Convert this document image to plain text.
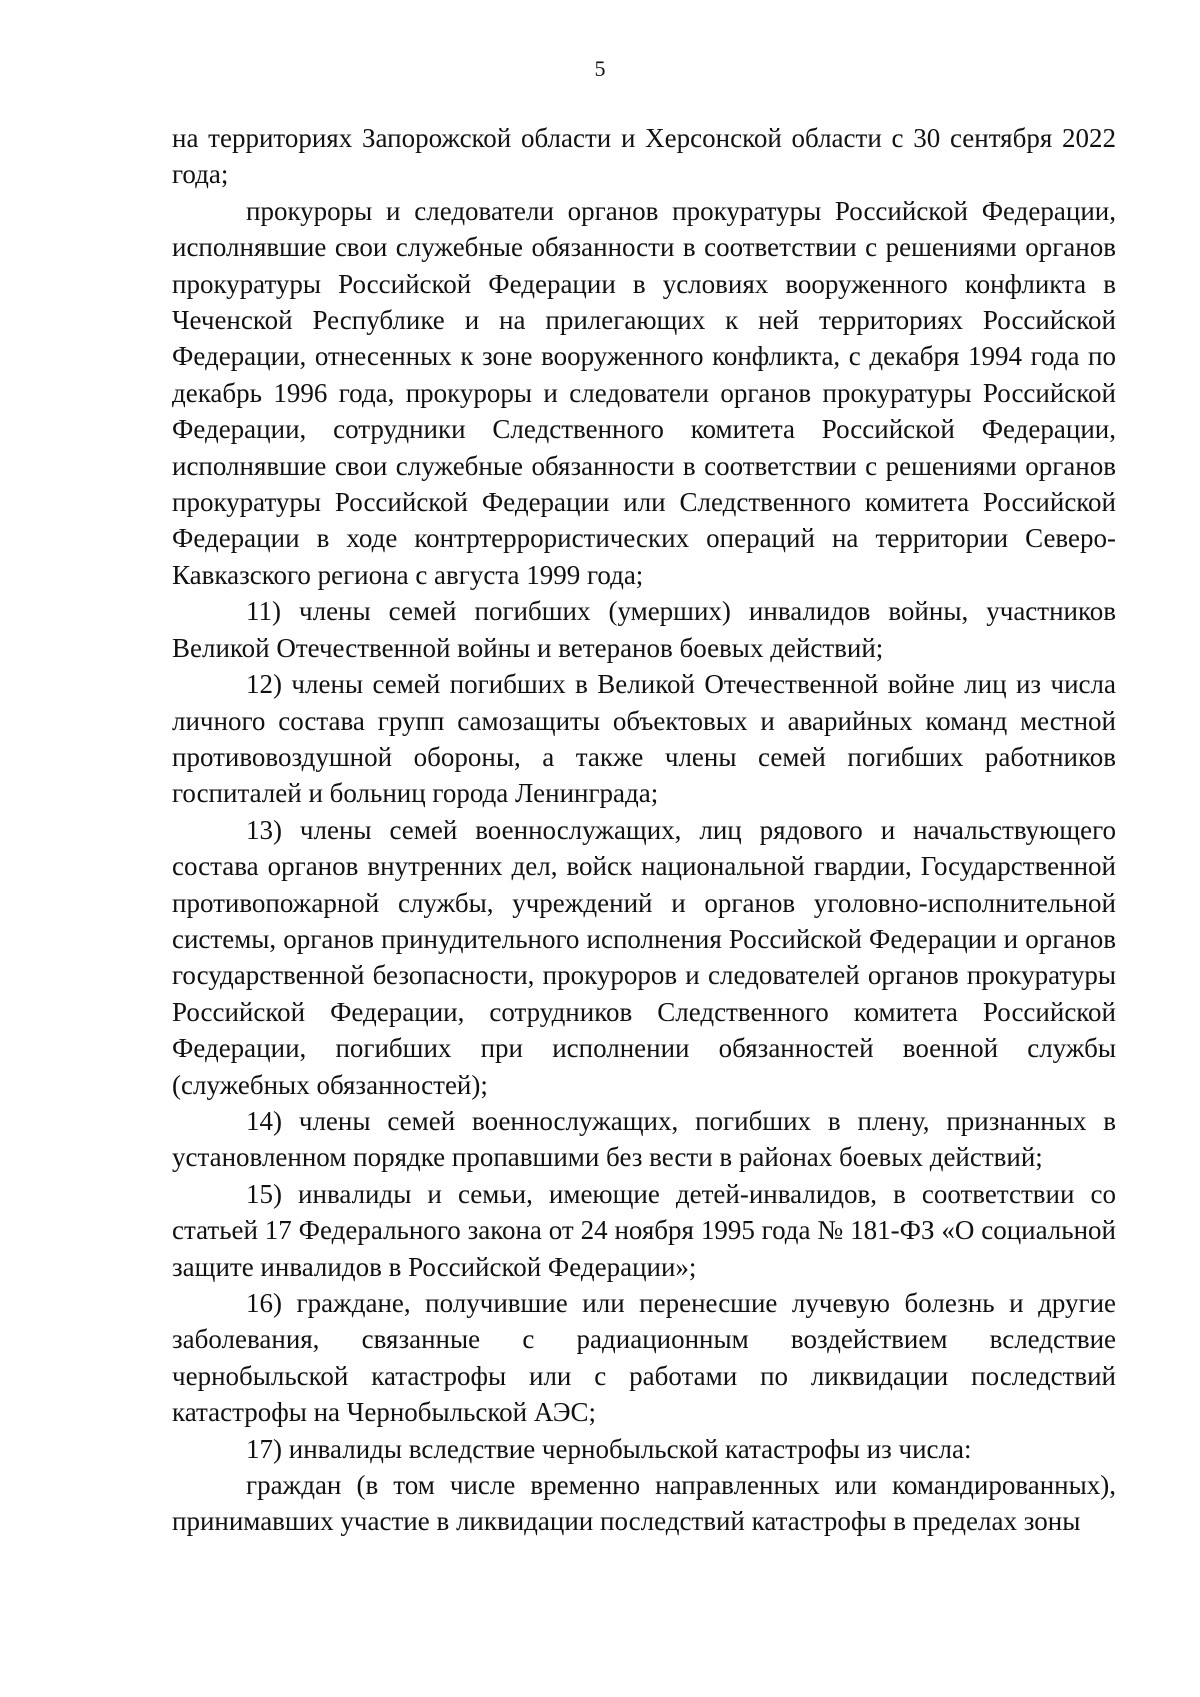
5

на территориях Запорожской области и Херсонской области с 30 сентября 2022 года;

прокуроры и следователи органов прокуратуры Российской Федерации, исполнявшие свои служебные обязанности в соответствии с решениями органов прокуратуры Российской Федерации в условиях вооруженного конфликта в Чеченской Республике и на прилегающих к ней территориях Российской Федерации, отнесенных к зоне вооруженного конфликта, с декабря 1994 года по декабрь 1996 года, прокуроры и следователи органов прокуратуры Российской Федерации, сотрудники Следственного комитета Российской Федерации, исполнявшие свои служебные обязанности в соответствии с решениями органов прокуратуры Российской Федерации или Следственного комитета Российской Федерации в ходе контртеррористических операций на территории Северо-Кавказского региона с августа 1999 года;

11) члены семей погибших (умерших) инвалидов войны, участников Великой Отечественной войны и ветеранов боевых действий;

12) члены семей погибших в Великой Отечественной войне лиц из числа личного состава групп самозащиты объектовых и аварийных команд местной противовоздушной обороны, а также члены семей погибших работников госпиталей и больниц города Ленинграда;

13) члены семей военнослужащих, лиц рядового и начальствующего состава органов внутренних дел, войск национальной гвардии, Государственной противопожарной службы, учреждений и органов уголовно-исполнительной системы, органов принудительного исполнения Российской Федерации и органов государственной безопасности, прокуроров и следователей органов прокуратуры Российской Федерации, сотрудников Следственного комитета Российской Федерации, погибших при исполнении обязанностей военной службы (служебных обязанностей);

14) члены семей военнослужащих, погибших в плену, признанных в установленном порядке пропавшими без вести в районах боевых действий;

15) инвалиды и семьи, имеющие детей-инвалидов, в соответствии со статьей 17 Федерального закона от 24 ноября 1995 года № 181-ФЗ «О социальной защите инвалидов в Российской Федерации»;

16) граждане, получившие или перенесшие лучевую болезнь и другие заболевания, связанные с радиационным воздействием вследствие чернобыльской катастрофы или с работами по ликвидации последствий катастрофы на Чернобыльской АЭС;

17) инвалиды вследствие чернобыльской катастрофы из числа:

граждан (в том числе временно направленных или командированных), принимавших участие в ликвидации последствий катастрофы в пределах зоны
